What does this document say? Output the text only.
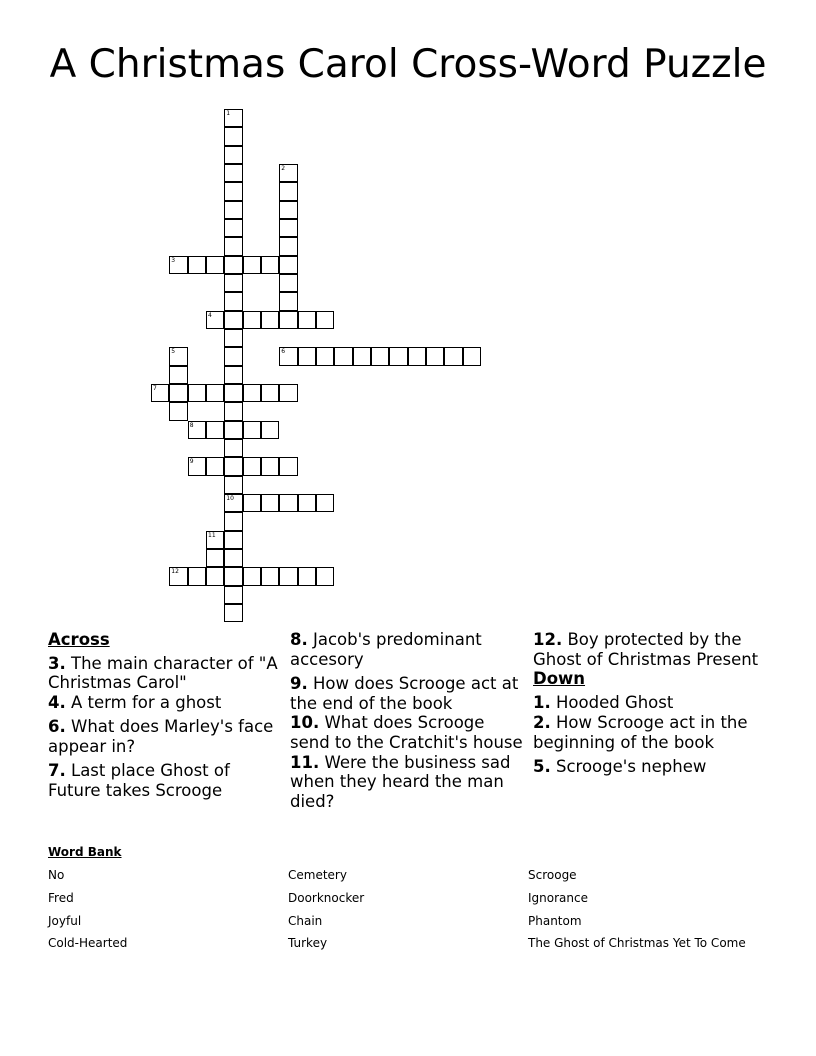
A Christmas Carol Cross-Word Puzzle
1
10
2
3
4
5	6
7
8
9
11
12
Across
3. The main character of "A Christmas Carol"
4. A term for a ghost
6. What does Marley's face appear in?
7. Last place Ghost of Future takes Scrooge
8. Jacob's predominant accesory
9. How does Scrooge act at the end of the book
10. What does Scrooge send to the Cratchit's house
11. Were the business sad when they heard the man died?
12. Boy protected by the Ghost of Christmas Present
Down
1. Hooded Ghost
2. How Scrooge act in the beginning of the book
5. Scrooge's nephew
Word Bank
No
Fred
Joyful
Cold-Hearted
Cemetery
Doorknocker
Chain
Turkey
Scrooge
Ignorance
Phantom
The Ghost of Christmas Yet To Come
